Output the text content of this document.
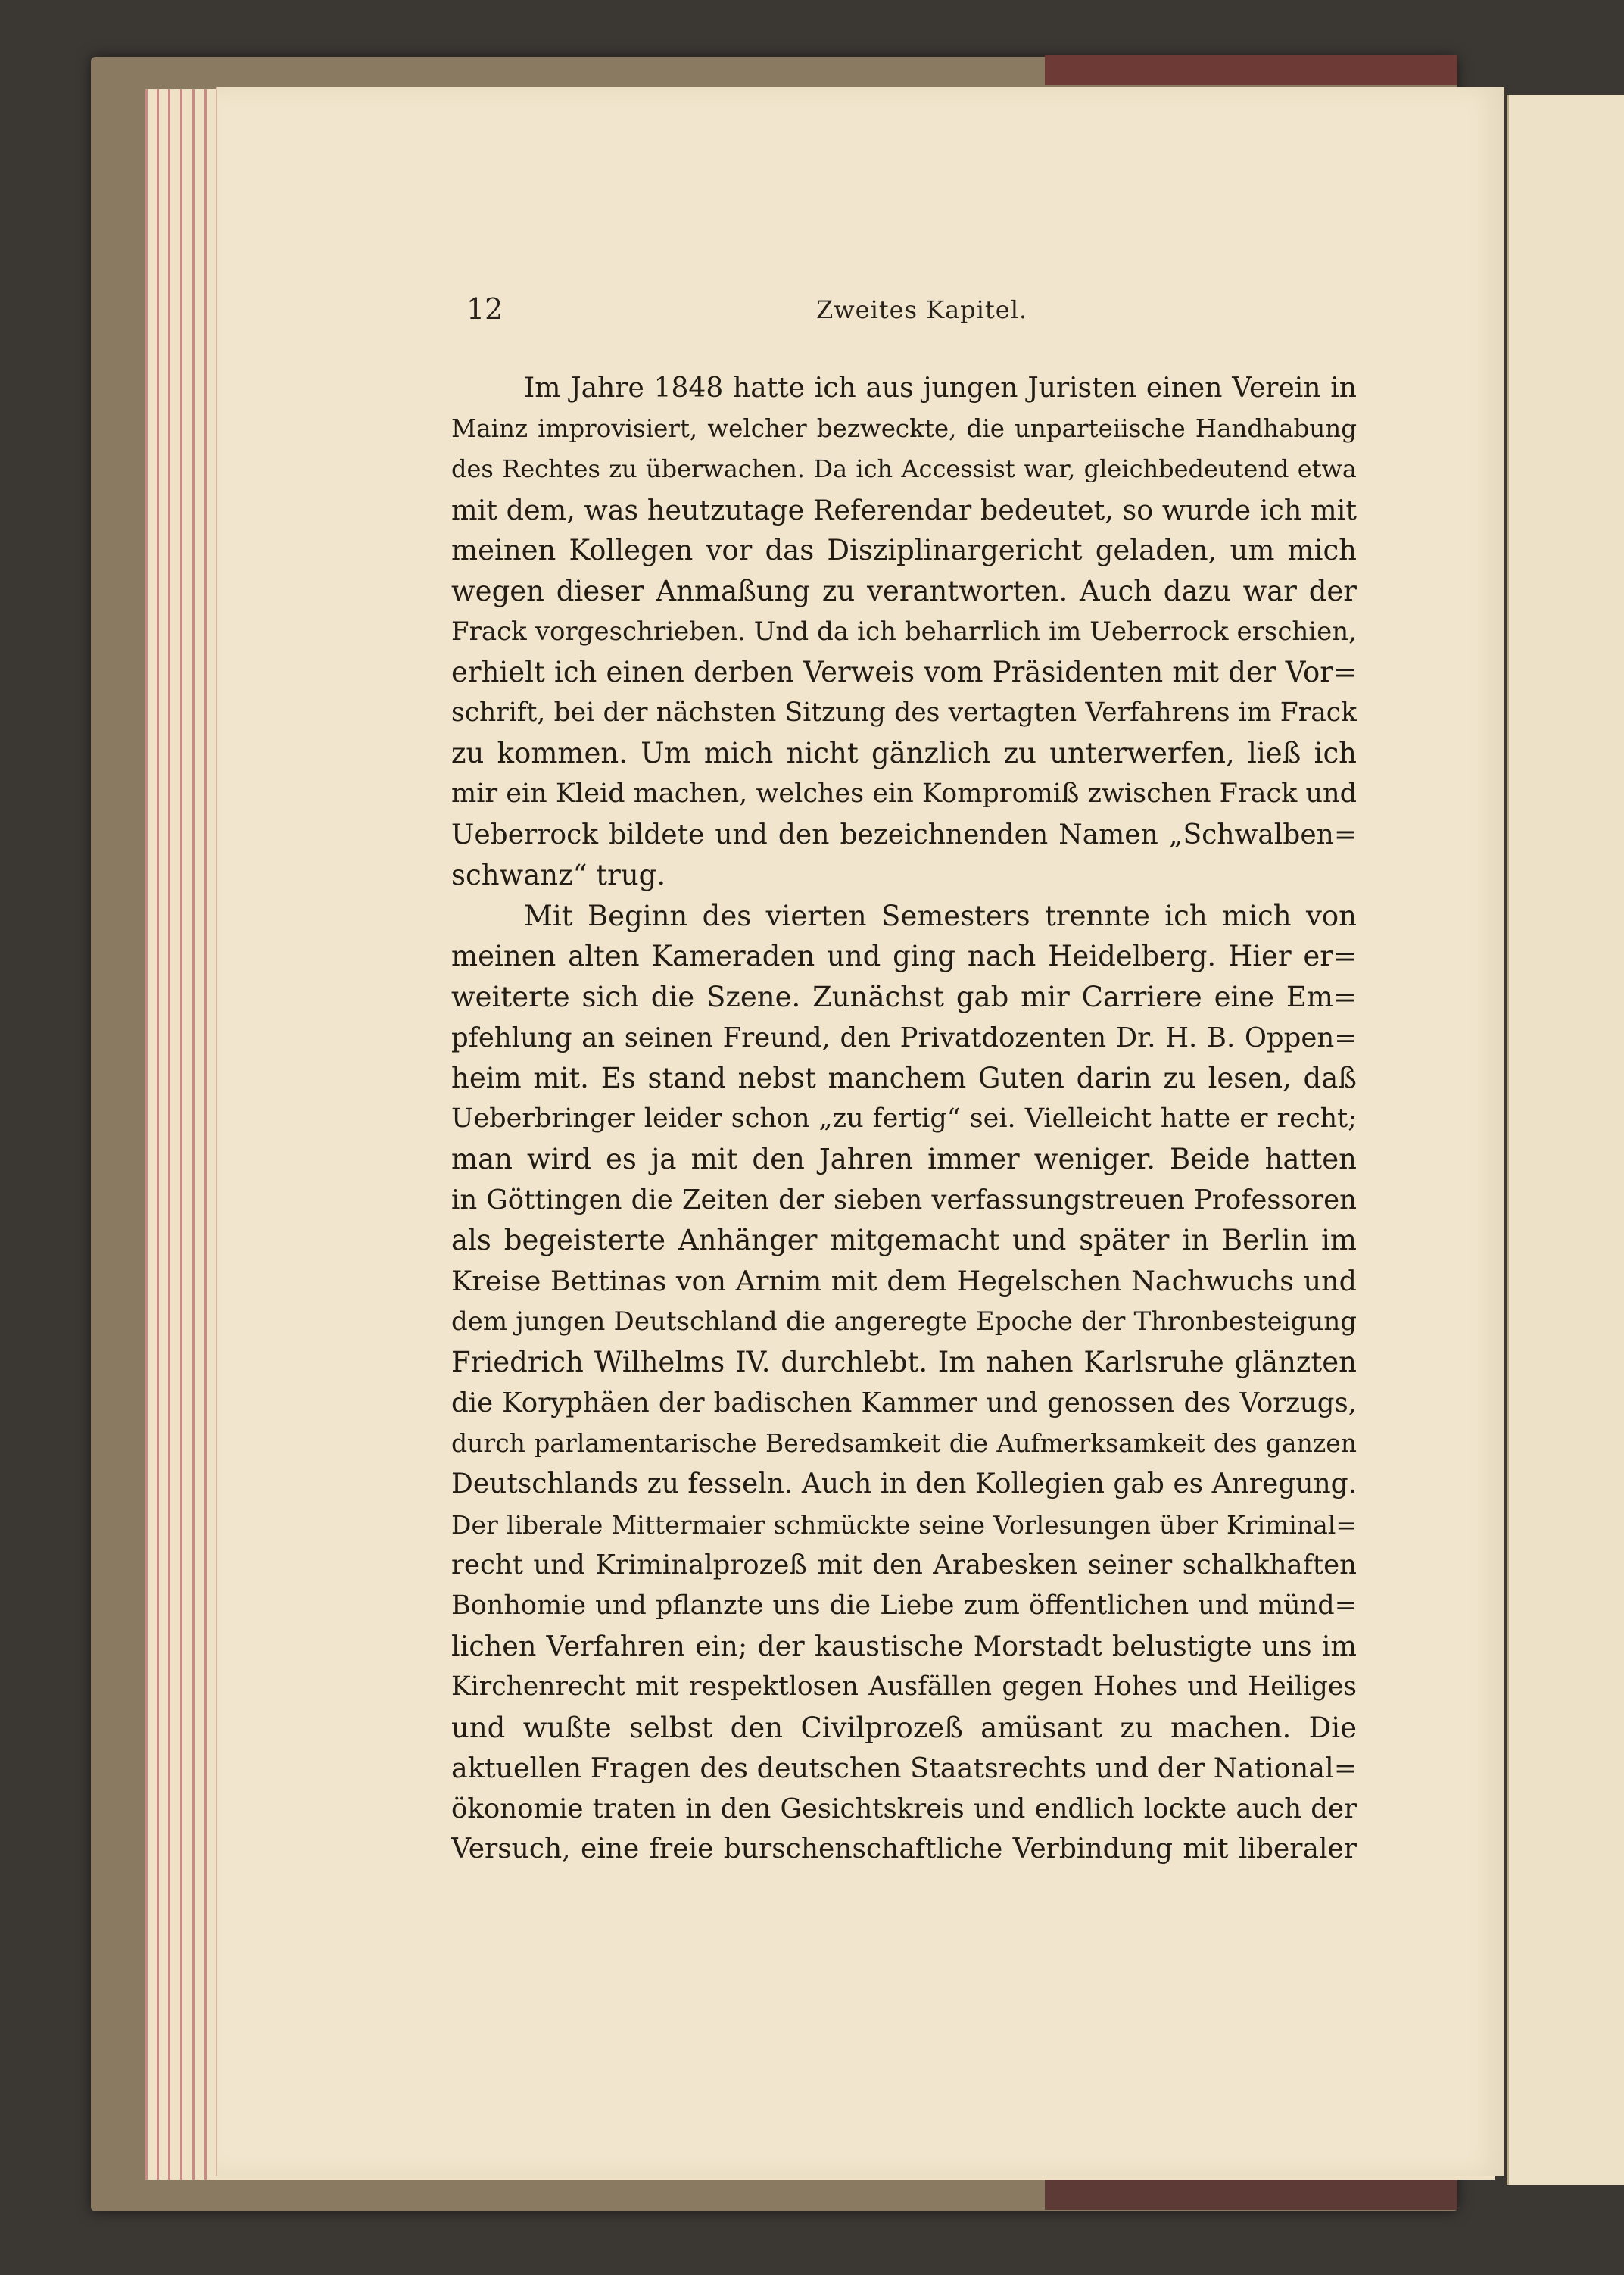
12	Zweites Kapitel.
Im Jahre 1848 hatte ich aus jungen Juristen einen Verein in
Mainz improvisiert, welcher bezweckte, die unparteiische Handhabung
des Rechtes zu überwachen. Da ich Accessist war, gleichbedeutend etwa
mit dem, was heutzutage Referendar bedeutet, so wurde ich mit
meinen Kollegen vor das Disziplinargericht geladen, um mich
wegen dieser Anmaßung zu verantworten. Auch dazu war der
Frack vorgeschrieben. Und da ich beharrlich im Ueberrock erschien,
erhielt ich einen derben Verweis vom Präsidenten mit der Vor=
schrift, bei der nächsten Sitzung des vertagten Verfahrens im Frack
zu kommen. Um mich nicht gänzlich zu unterwerfen, ließ ich
mir ein Kleid machen, welches ein Kompromiß zwischen Frack und
Ueberrock bildete und den bezeichnenden Namen „Schwalben=
schwanz“ trug.
Mit Beginn des vierten Semesters trennte ich mich von
meinen alten Kameraden und ging nach Heidelberg. Hier er=
weiterte sich die Szene. Zunächst gab mir Carriere eine Em=
pfehlung an seinen Freund, den Privatdozenten Dr. H. B. Oppen=
heim mit. Es stand nebst manchem Guten darin zu lesen, daß
Ueberbringer leider schon „zu fertig“ sei. Vielleicht hatte er recht;
man wird es ja mit den Jahren immer weniger. Beide hatten
in Göttingen die Zeiten der sieben verfassungstreuen Professoren
als begeisterte Anhänger mitgemacht und später in Berlin im
Kreise Bettinas von Arnim mit dem Hegelschen Nachwuchs und
dem jungen Deutschland die angeregte Epoche der Thronbesteigung
Friedrich Wilhelms IV. durchlebt. Im nahen Karlsruhe glänzten
die Koryphäen der badischen Kammer und genossen des Vorzugs,
durch parlamentarische Beredsamkeit die Aufmerksamkeit des ganzen
Deutschlands zu fesseln. Auch in den Kollegien gab es Anregung.
Der liberale Mittermaier schmückte seine Vorlesungen über Kriminal=
recht und Kriminalprozeß mit den Arabesken seiner schalkhaften
Bonhomie und pflanzte uns die Liebe zum öffentlichen und münd=
lichen Verfahren ein; der kaustische Morstadt belustigte uns im
Kirchenrecht mit respektlosen Ausfällen gegen Hohes und Heiliges
und wußte selbst den Civilprozeß amüsant zu machen. Die
aktuellen Fragen des deutschen Staatsrechts und der National=
ökonomie traten in den Gesichtskreis und endlich lockte auch der
Versuch, eine freie burschenschaftliche Verbindung mit liberaler
